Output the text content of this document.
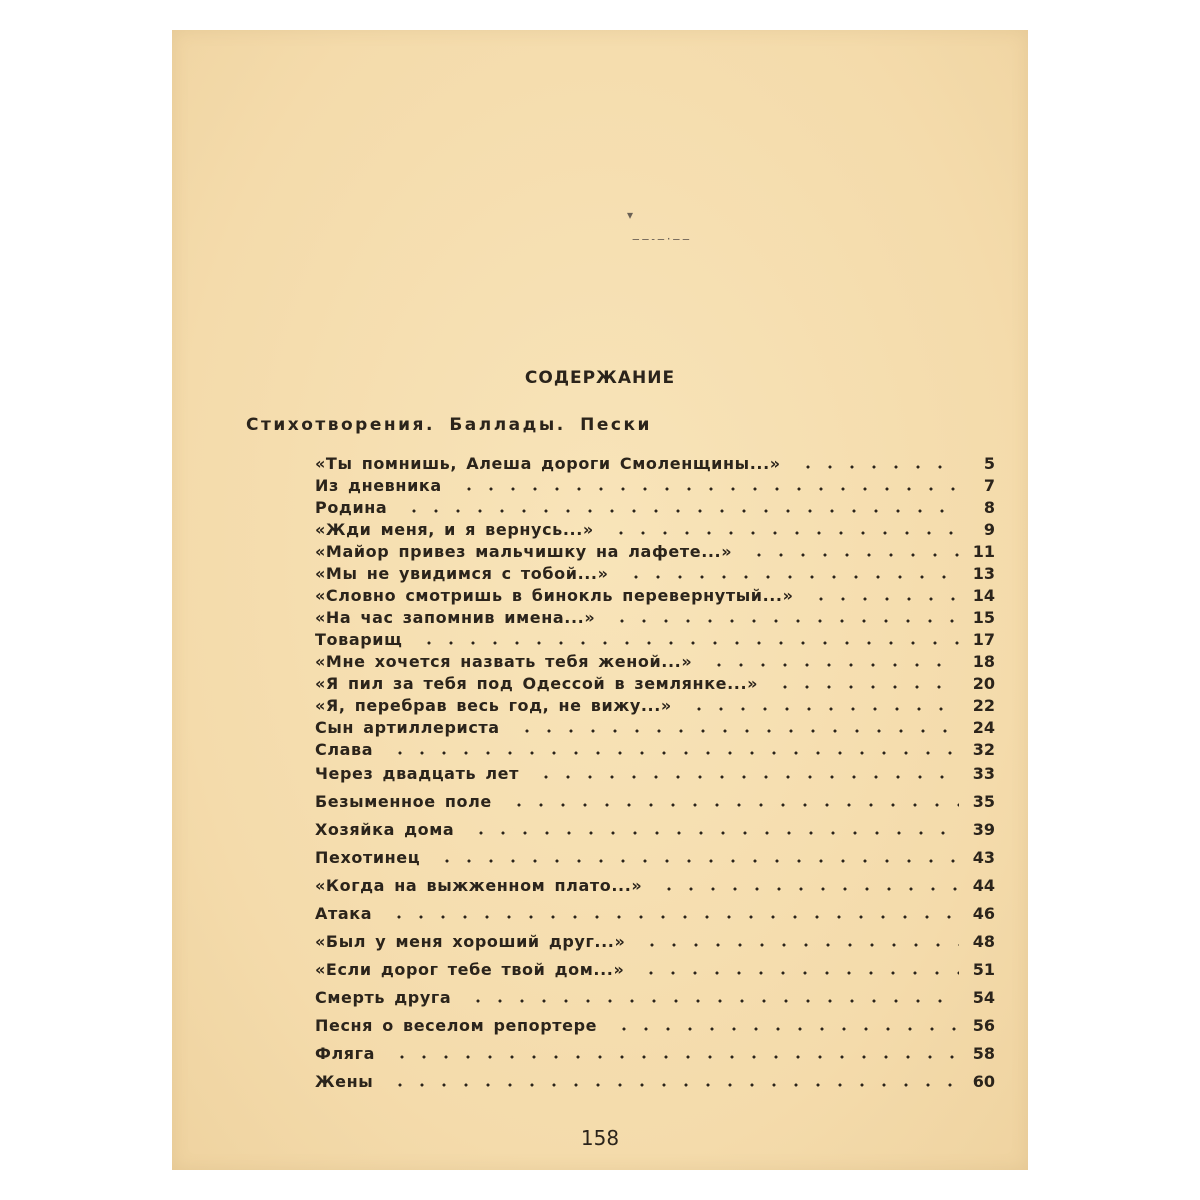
▾
‒‒˗‒·‒‒
СОДЕРЖАНИЕ
Стихотворения. Баллады. Пески
«Ты помнишь, Алеша дороги Смоленщины...»	5
Из дневника	7
Родина	8
«Жди меня, и я вернусь...»	9
«Майор привез мальчишку на лафете...»	11
«Мы не увидимся с тобой...»	13
«Словно смотришь в бинокль перевернутый...»	14
«На час запомнив имена...»	15
Товарищ	17
«Мне хочется назвать тебя женой...»	18
«Я пил за тебя под Одессой в землянке...»	20
«Я, перебрав весь год, не вижу...»	22
Сын артиллериста	24
Слава	32
Через двадцать лет	33
Безыменное поле	35
Хозяйка дома	39
Пехотинец	43
«Когда на выжженном плато...»	44
Атака	46
«Был у меня хороший друг...»	48
«Если дорог тебе твой дом...»	51
Смерть друга	54
Песня о веселом репортере	56
Фляга	58
Жены	60
158
